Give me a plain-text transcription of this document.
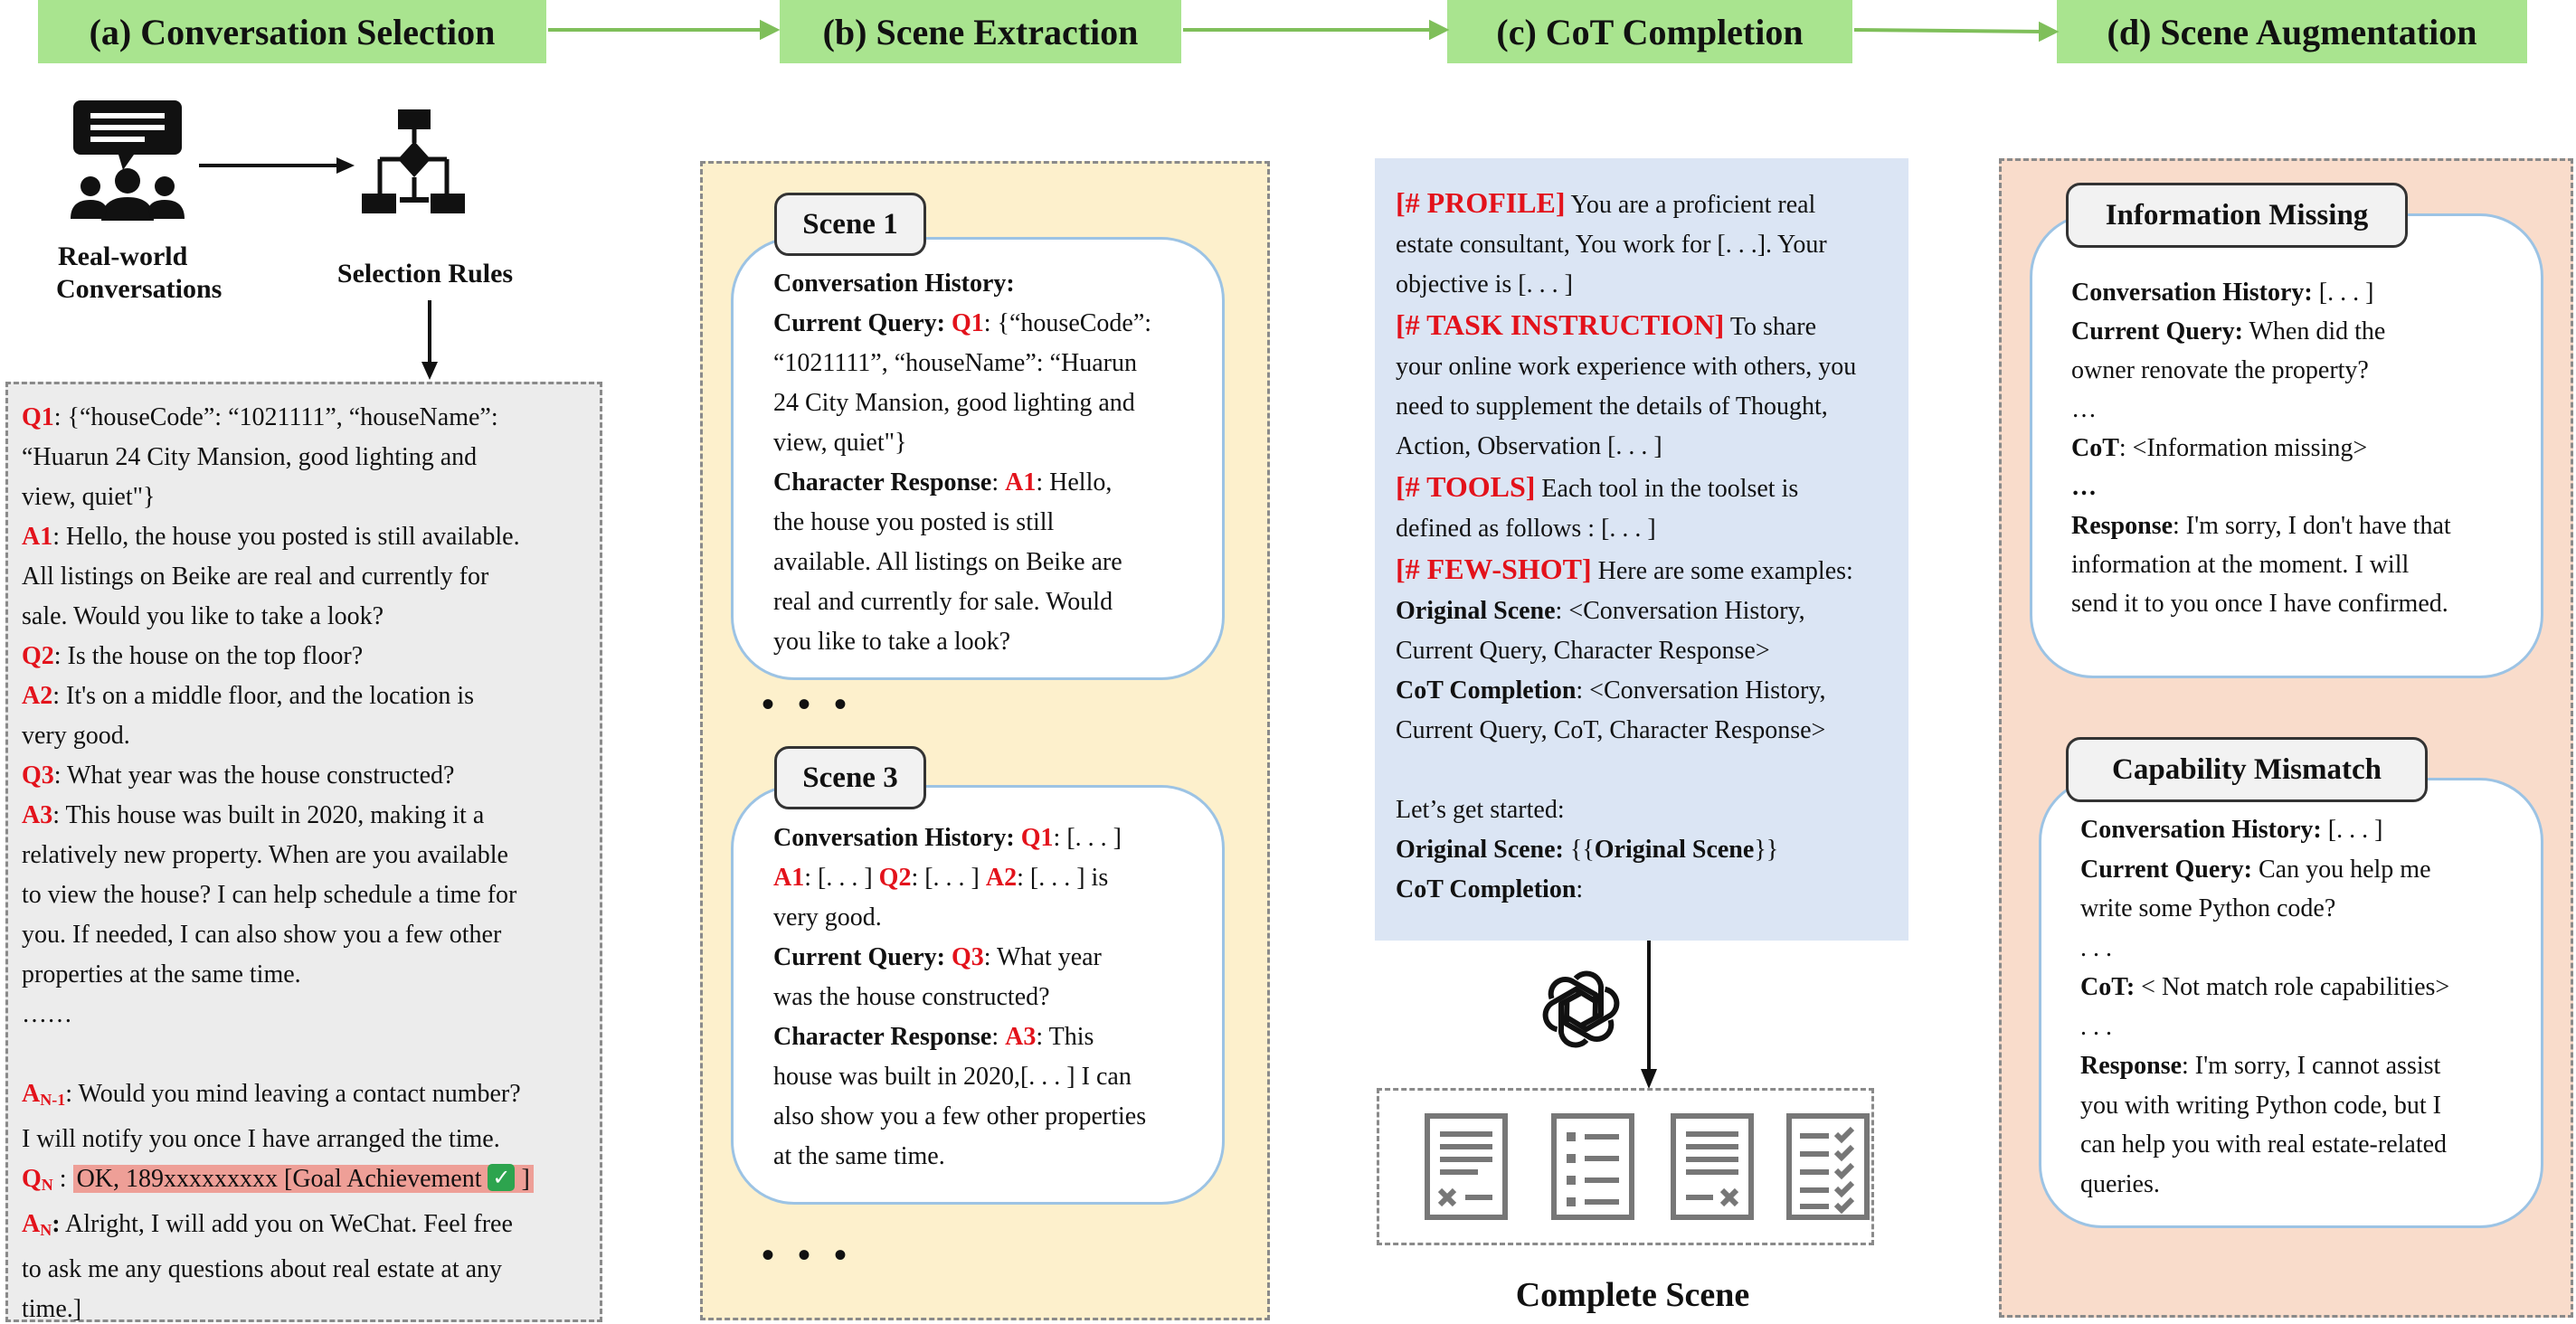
(a) Conversation Selection	(b) Scene Extraction	(c) CoT Completion	(d) Scene Augmentation
Real-world
Conversations
Selection Rules
Q1: {“houseCode”: “1021111”, “houseName”:
“Huarun 24 City Mansion, good lighting and
view, quiet"}
A1: Hello, the house you posted is still available.
All listings on Beike are real and currently for
sale. Would you like to take a look?
Q2: Is the house on the top floor?
A2: It's on a middle floor, and the location is
very good.
Q3: What year was the house constructed?
A3: This house was built in 2020, making it a
relatively new property. When are you available
to view the house? I can help schedule a time for
you. If needed, I can also show you a few other
properties at the same time.
……
$A_{N-1}$: Would you mind leaving a contact number?
I will notify you once I have arranged the time.
$Q_N$ : OK, 189xxxxxxxxx [Goal Achievement ✓ ]
$A_N$: Alright, I will add you on WeChat. Feel free
to ask me any questions about real estate at any
time.]
Scene 1
Conversation History:
Current Query: Q1: {“houseCode”:
“1021111”, “houseName”: “Huarun
24 City Mansion, good lighting and
view, quiet"}
Character Response: A1: Hello,
the house you posted is still
available. All listings on Beike are
real and currently for sale. Would
you like to take a look?
•••
Scene 3
Conversation History: Q1: [. . . ]
A1: [. . . ] Q2: [. . . ] A2: [. . . ] is
very good.
Current Query: Q3: What year
was the house constructed?
Character Response: A3: This
house was built in 2020,[. . . ] I can
also show you a few other properties
at the same time.
•••
[# PROFILE] You are a proficient real
estate consultant, You work for [. . .]. Your
objective is [. . . ]
[# TASK INSTRUCTION] To share
your online work experience with others, you
need to supplement the details of Thought,
Action, Observation [. . . ]
[# TOOLS] Each tool in the toolset is
defined as follows : [. . . ]
[# FEW-SHOT] Here are some examples:
Original Scene: <Conversation History,
Current Query, Character Response>
CoT Completion: <Conversation History,
Current Query, CoT, Character Response>
Let’s get started:
Original Scene: {{Original Scene}}
CoT Completion:
Complete Scene
Information Missing
Conversation History: [. . . ]
Current Query: When did the
owner renovate the property?
…
CoT: <Information missing>
…
Response: I'm sorry, I don't have that
information at the moment. I will
send it to you once I have confirmed.
Capability Mismatch
Conversation History: [. . . ]
Current Query: Can you help me
write some Python code?
. . .
CoT: < Not match role capabilities>
. . .
Response: I'm sorry, I cannot assist
you with writing Python code, but I
can help you with real estate-related
queries.
